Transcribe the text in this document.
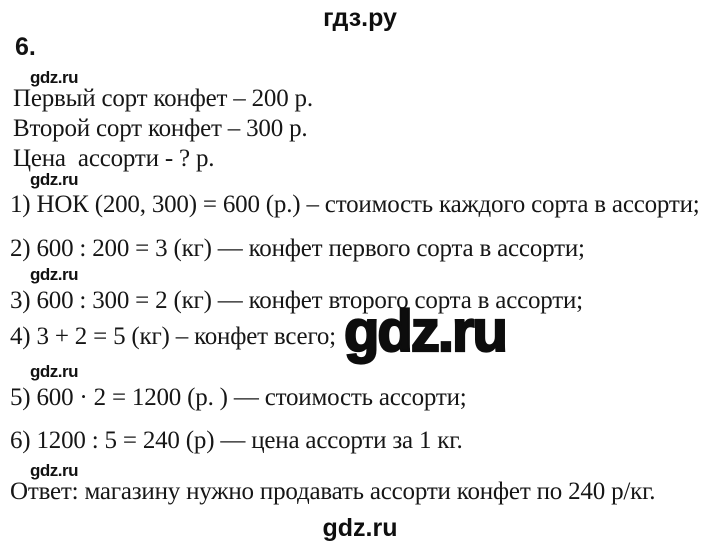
гдз.ру
6.
gdz.ru
Первый сорт конфет – 200 р.
Второй сорт конфет – 300 р.
Цена  ассорти - ? р.
gdz.ru
1) НОК (200, 300) = 600 (р.) – стоимость каждого сорта в ассорти;
2) 600 : 200 = 3 (кг) — конфет первого сорта в ассорти;
gdz.ru
3) 600 : 300 = 2 (кг) — конфет второго сорта в ассорти;
4) 3 + 2 = 5 (кг) – конфет всего; gdz.ru
gdz.ru
5) 600 · 2 = 1200 (р. ) — стоимость ассорти;
6) 1200 : 5 = 240 (р) — цена ассорти за 1 кг.
gdz.ru
Ответ: магазину нужно продавать ассорти конфет по 240 р/кг.
gdz.ru
